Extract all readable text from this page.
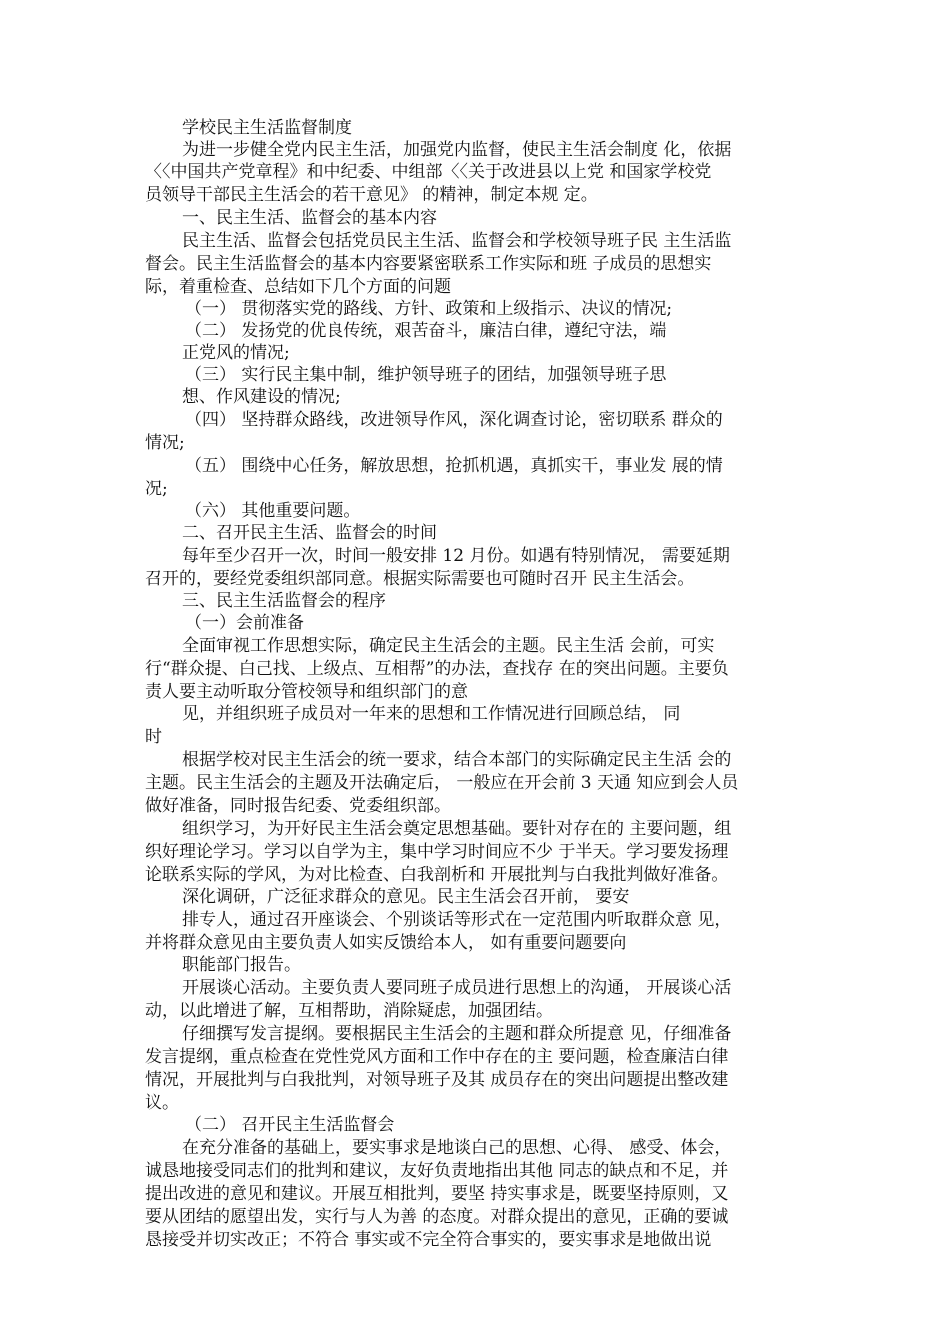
学校民主生活监督制度
为进一步健全党内民主生活，加强党内监督，使民主生活会制度 化，依据
〈〈中国共产党章程》和中纪委、中组部〈〈关于改进县以上党 和国家学校党
员领导干部民主生活会的若干意见》 的精神，制定本规 定。
一、民主生活、监督会的基本内容
民主生活、监督会包括党员民主生活、监督会和学校领导班子民 主生活监
督会。民主生活监督会的基本内容要紧密联系工作实际和班 子成员的思想实
际，着重检查、总结如下几个方面的问题
（一） 贯彻落实党的路线、方针、政策和上级指示、决议的情况;
（二） 发扬党的优良传统，艰苦奋斗，廉洁白律，遵纪守法，端
正党风的情况;
（三） 实行民主集中制，维护领导班子的团结，加强领导班子思
想、作风建设的情况;
（四） 坚持群众路线，改进领导作风，深化调查讨论，密切联系 群众的
情况;
（五） 围绕中心任务，解放思想，抢抓机遇，真抓实干，事业发 展的情
况;
（六） 其他重要问题。
二、召开民主生活、监督会的时间
每年至少召开一次，时间一般安排 12 月份。如遇有特别情况， 需要延期
召开的，要经党委组织部同意。根据实际需要也可随时召开 民主生活会。
三、民主生活监督会的程序
（一）会前准备
全面审视工作思想实际，确定民主生活会的主题。民主生活 会前，可实
行“群众提、白己找、上级点、互相帮”的办法，查找存 在的突出问题。主要负
责人要主动听取分管校领导和组织部门的意
见，并组织班子成员对一年来的思想和工作情况进行回顾总结， 同
时
根据学校对民主生活会的统一要求，结合本部门的实际确定民主生活 会的
主题。民主生活会的主题及开法确定后， 一般应在开会前 3 天通 知应到会人员
做好准备，同时报告纪委、党委组织部。
组织学习，为开好民主生活会奠定思想基础。要针对存在的 主要问题，组
织好理论学习。学习以自学为主，集中学习时间应不少 于半天。学习要发扬理
论联系实际的学风，为对比检查、白我剖析和 开展批判与白我批判做好准备。
深化调研，广泛征求群众的意见。民主生活会召开前， 要安
排专人，通过召开座谈会、个别谈话等形式在一定范围内听取群众意 见，
并将群众意见由主要负责人如实反馈给本人， 如有重要问题要向
职能部门报告。
开展谈心活动。主要负责人要同班子成员进行思想上的沟通， 开展谈心活
动，以此增进了解，互相帮助，消除疑虑，加强团结。
仔细撰写发言提纲。要根据民主生活会的主题和群众所提意 见，仔细准备
发言提纲，重点检查在党性党风方面和工作中存在的主 要问题，检查廉洁白律
情况，开展批判与白我批判，对领导班子及其 成员存在的突出问题提出整改建
议。
（二） 召开民主生活监督会
在充分准备的基础上，要实事求是地谈白己的思想、心得、 感受、体会，
诚恳地接受同志们的批判和建议，友好负责地指出其他 同志的缺点和不足，并
提出改进的意见和建议。开展互相批判，要坚 持实事求是，既要坚持原则，又
要从团结的愿望出发，实行与人为善 的态度。对群众提出的意见，正确的要诚
恳接受并切实改正；不符合 事实或不完全符合事实的，要实事求是地做出说
